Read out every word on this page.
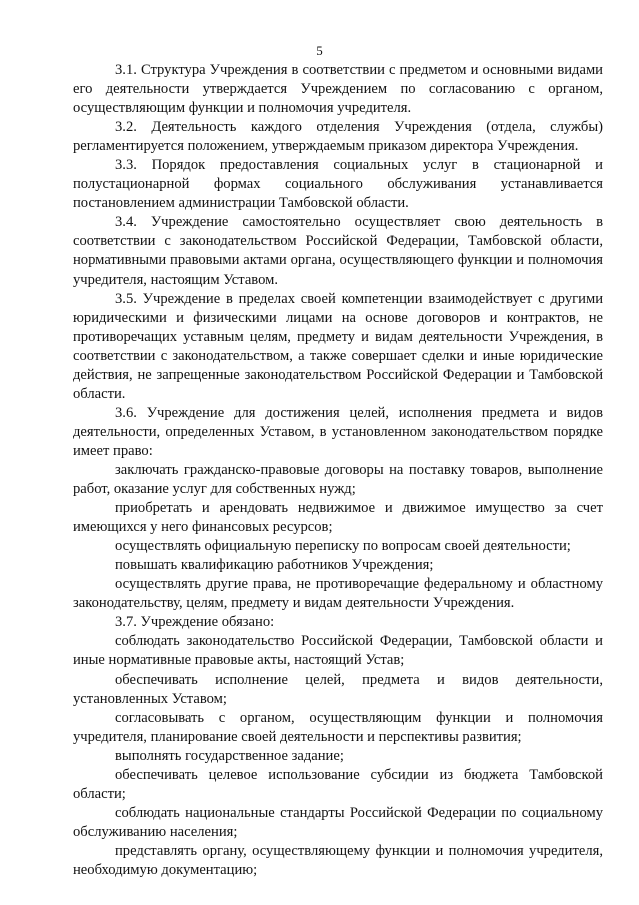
5

3.1. Структура Учреждения в соответствии с предметом и основными видами его деятельности утверждается Учреждением по согласованию с органом, осуществляющим функции и полномочия учредителя.

3.2. Деятельность каждого отделения Учреждения (отдела, службы) регламентируется положением, утверждаемым приказом директора Учреждения.

3.3. Порядок предоставления социальных услуг в стационарной и полустационарной формах социального обслуживания устанавливается постановлением администрации Тамбовской области.

3.4. Учреждение самостоятельно осуществляет свою деятельность в соответствии с законодательством Российской Федерации, Тамбовской области, нормативными правовыми актами органа, осуществляющего функции и полномочия учредителя, настоящим Уставом.

3.5. Учреждение в пределах своей компетенции взаимодействует с другими юридическими и физическими лицами на основе договоров и контрактов, не противоречащих уставным целям, предмету и видам деятельности Учреждения, в соответствии с законодательством, а также совершает сделки и иные юридические действия, не запрещенные законодательством Российской Федерации и Тамбовской области.

3.6. Учреждение для достижения целей, исполнения предмета и видов деятельности, определенных Уставом, в установленном законодательством порядке имеет право:

заключать гражданско-правовые договоры на поставку товаров, выполнение работ, оказание услуг для собственных нужд;

приобретать и арендовать недвижимое и движимое имущество за счет имеющихся у него финансовых ресурсов;

осуществлять официальную переписку по вопросам своей деятельности;

повышать квалификацию работников Учреждения;

осуществлять другие права, не противоречащие федеральному и областному законодательству, целям, предмету и видам деятельности Учреждения.

3.7. Учреждение обязано:

соблюдать законодательство Российской Федерации, Тамбовской области и иные нормативные правовые акты, настоящий Устав;

обеспечивать исполнение целей, предмета и видов деятельности, установленных Уставом;

согласовывать с органом, осуществляющим функции и полномочия учредителя, планирование своей деятельности и перспективы развития;

выполнять государственное задание;

обеспечивать целевое использование субсидии из бюджета Тамбовской области;

соблюдать национальные стандарты Российской Федерации по социальному обслуживанию населения;

представлять органу, осуществляющему функции и полномочия учредителя, необходимую документацию;
